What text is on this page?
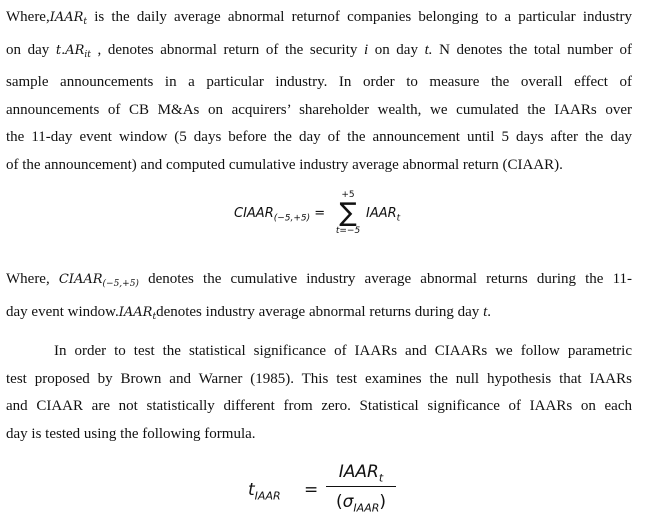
$Where,IAAR_t$ is the daily average abnormal returnof companies belonging to a particular industry
on day $t.AR_{it}$ , denotes abnormal return of the security i on day t. N denotes the total number of
sample announcements in a particular industry. In order to measure the overall effect of
announcements of CB M&As on acquirers’ shareholder wealth, we cumulated the IAARs over
the 11-day event window (5 days before the day of the announcement until 5 days after the day
of the announcement) and computed cumulative industry average abnormal return (CIAAR).

$CIAAR_{(-5,+5)}$ =
+5
∑
t=−5
$IAAR_t$

Where, $CIAAR_{(-5,+5)}$ denotes the cumulative industry average abnormal returns during the 11-
day event $window.IAAR_tdenotes$ industry average abnormal returns during day t.

In order to test the statistical significance of IAARs and CIAARs we follow parametric
test proposed by Brown and Warner (1985). This test examines the null hypothesis that IAARs
and CIAAR are not statistically different from zero. Statistical significance of IAARs on each
day is tested using the following formula.

$t_{IAAR}$ =
$IAAR_t$
$(\sigma_{IAAR})$
